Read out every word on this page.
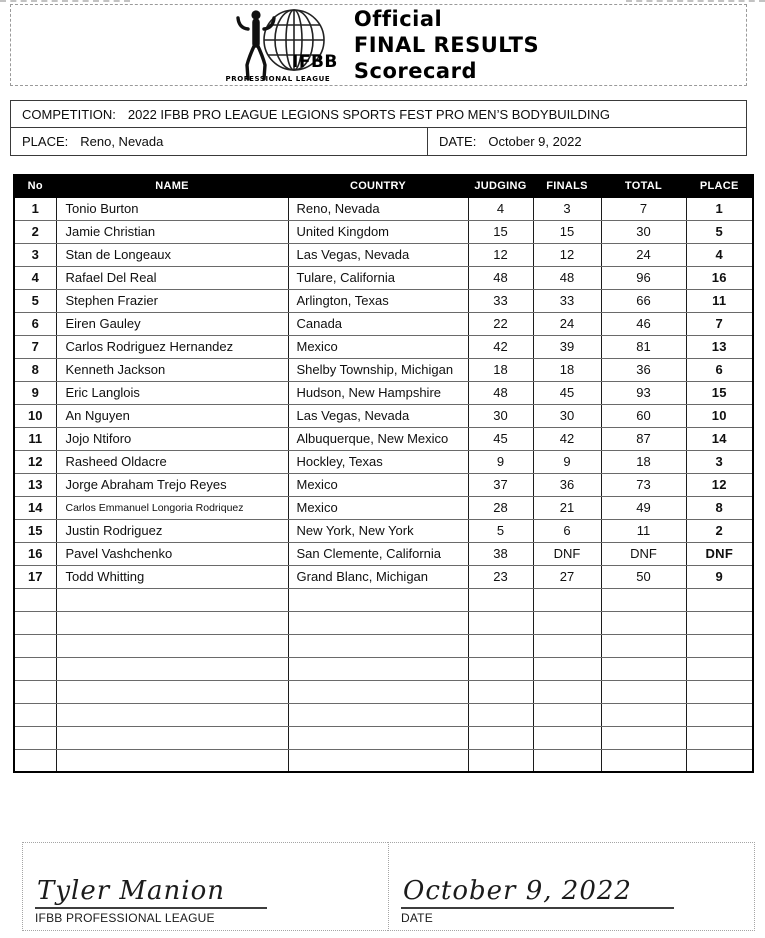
IFBB
PROFESSIONAL LEAGUE
Official
FINAL RESULTS
Scorecard
COMPETITION: 2022 IFBB PRO LEAGUE LEGIONS SPORTS FEST PRO MEN’S BODYBUILDING
PLACE: Reno, Nevada	DATE: October 9, 2022
No	NAME	COUNTRY	JUDGING	FINALS	TOTAL	PLACE
1	Tonio Burton	Reno, Nevada	4	3	7	1
2	Jamie Christian	United Kingdom	15	15	30	5
3	Stan de Longeaux	Las Vegas, Nevada	12	12	24	4
4	Rafael Del Real	Tulare, California	48	48	96	16
5	Stephen Frazier	Arlington, Texas	33	33	66	11
6	Eiren Gauley	Canada	22	24	46	7
7	Carlos Rodriguez Hernandez	Mexico	42	39	81	13
8	Kenneth Jackson	Shelby Township, Michigan	18	18	36	6
9	Eric Langlois	Hudson, New Hampshire	48	45	93	15
10	An Nguyen	Las Vegas, Nevada	30	30	60	10
11	Jojo Ntiforo	Albuquerque, New Mexico	45	42	87	14
12	Rasheed Oldacre	Hockley, Texas	9	9	18	3
13	Jorge Abraham Trejo Reyes	Mexico	37	36	73	12
14	Carlos Emmanuel Longoria Rodriquez	Mexico	28	21	49	8
15	Justin Rodriguez	New York, New York	5	6	11	2
16	Pavel Vashchenko	San Clemente, California	38	DNF	DNF	DNF
17	Todd Whitting	Grand Blanc, Michigan	23	27	50	9

Tyler Manion
IFBB PROFESSIONAL LEAGUE
October 9, 2022
DATE
